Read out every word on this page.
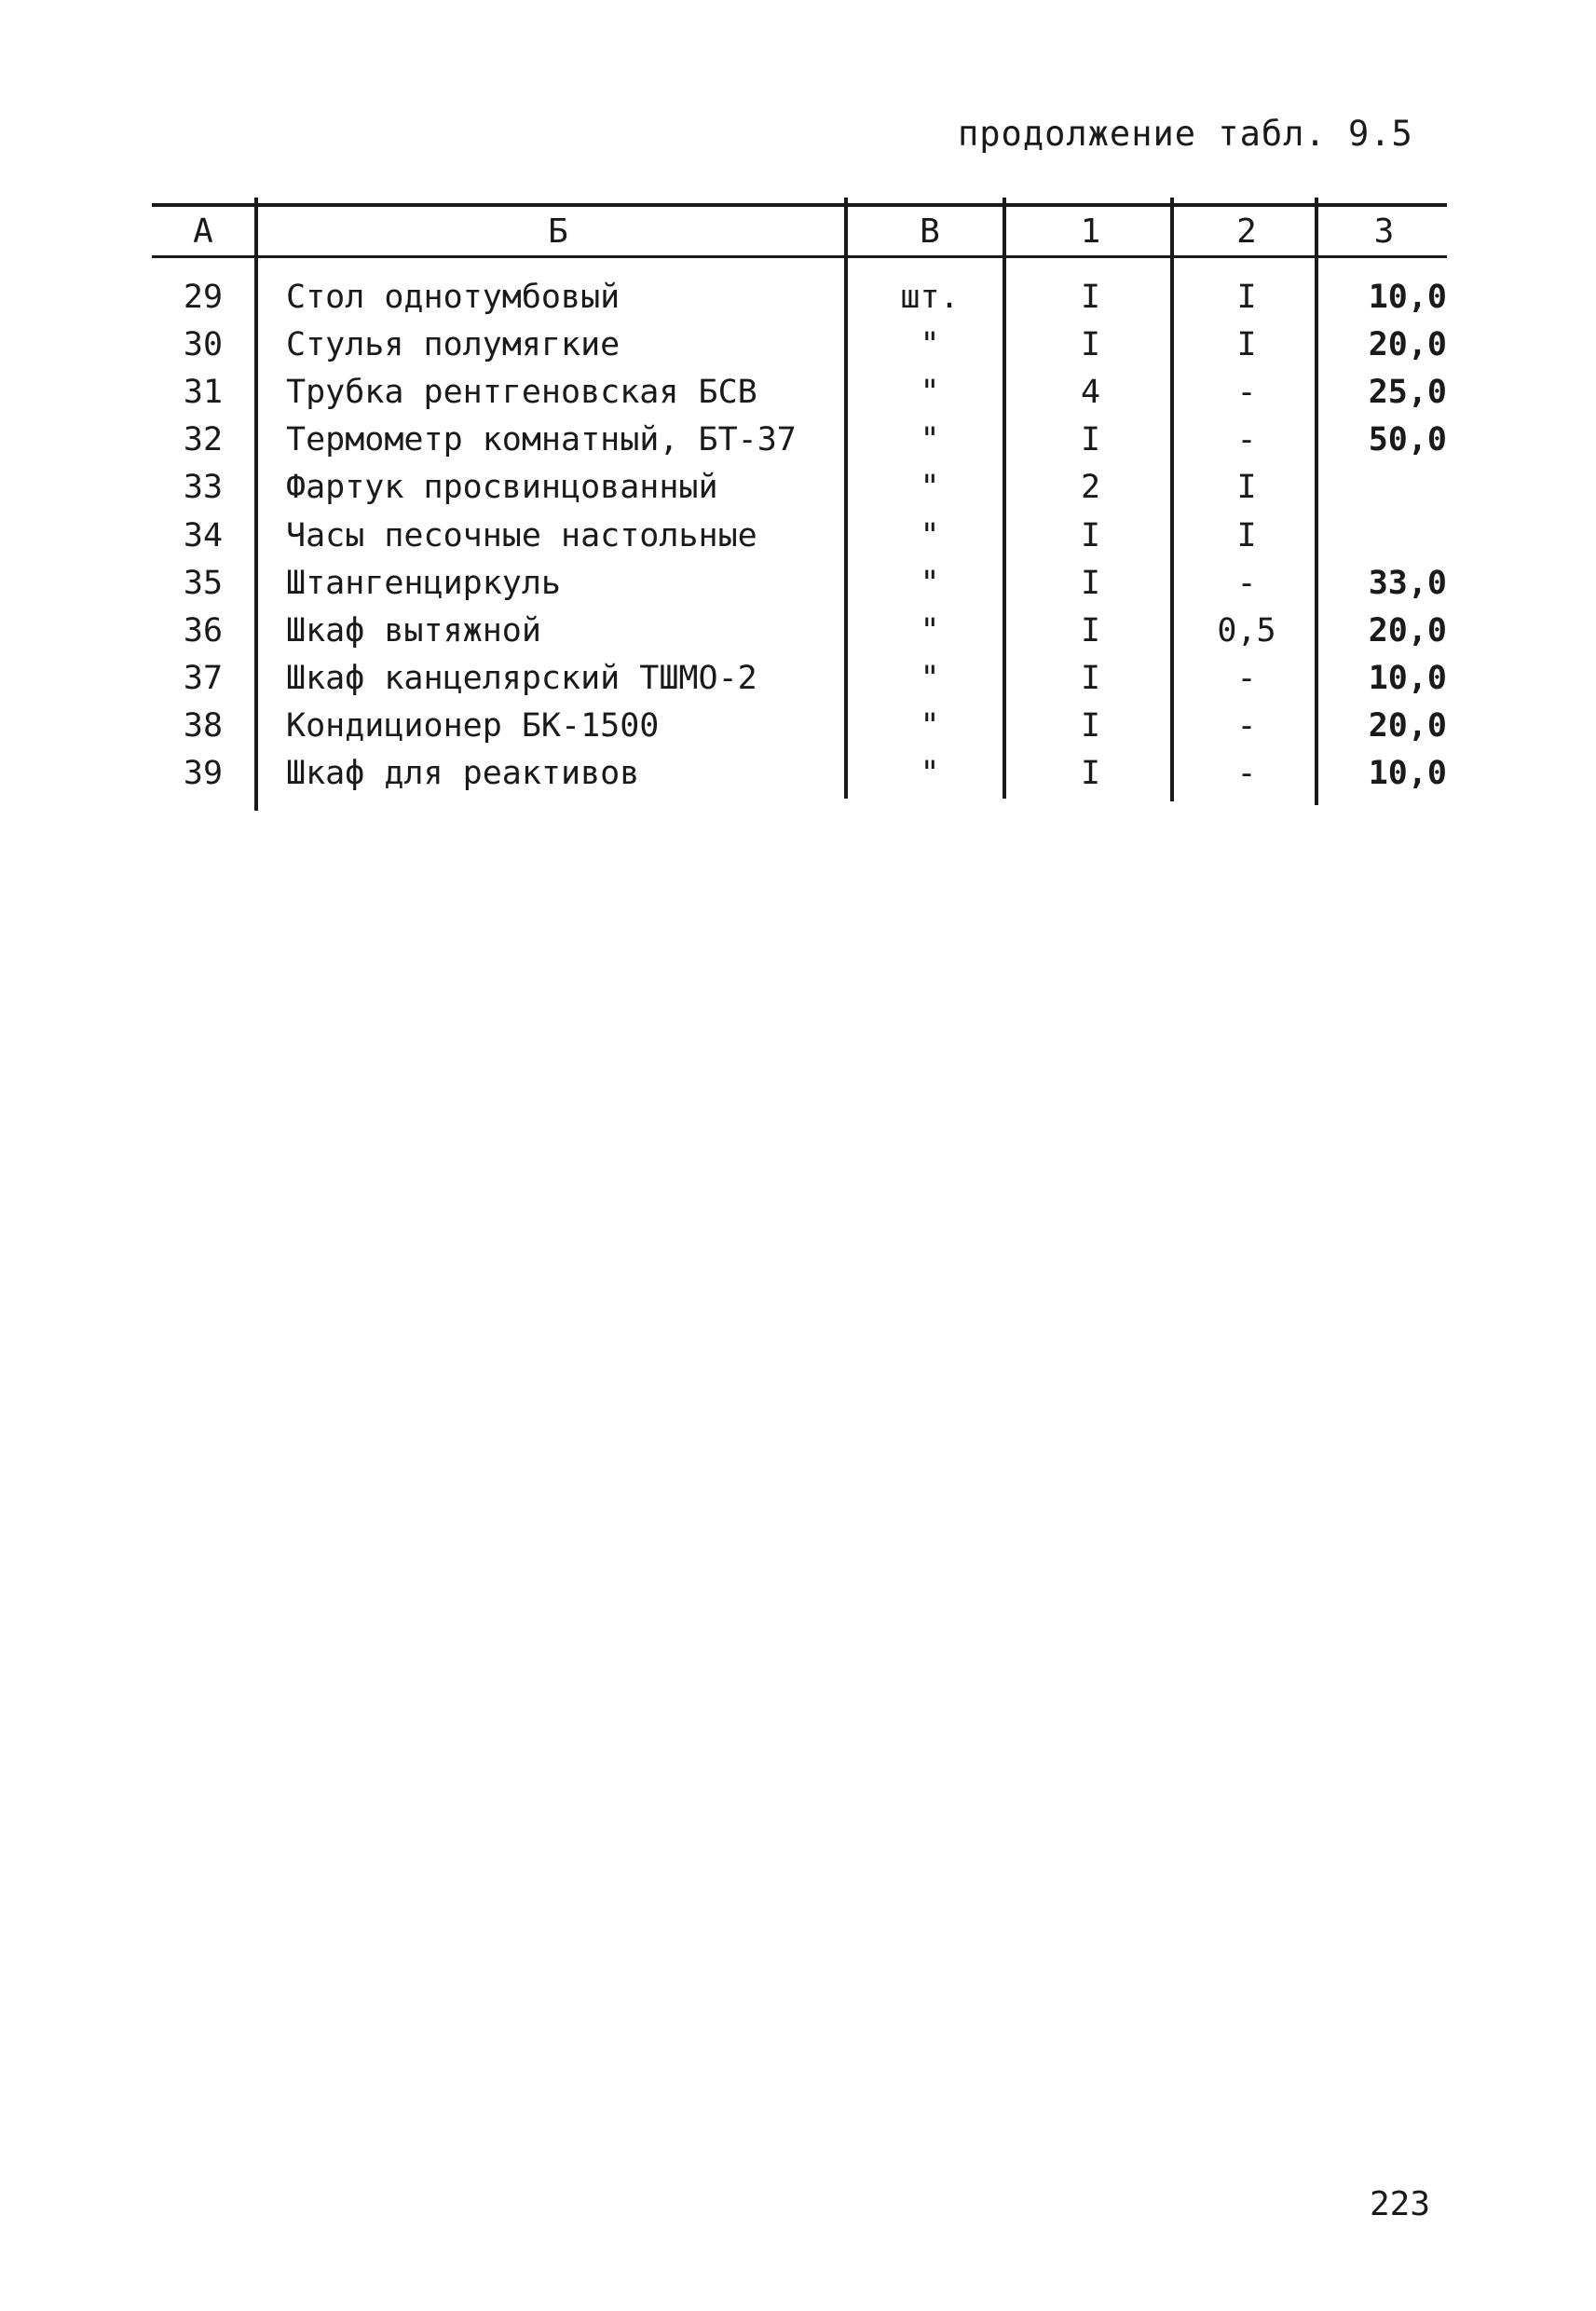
продолжение табл. 9.5
А	Б	В	1	2	3
29	Стол однотумбовый	шт.	I	I	10,0
30	Стулья полумягкие	"	I	I	20,0
31	Трубка рентгеновская БСВ	"	4	-	25,0
32	Термометр комнатный, БТ-37	"	I	-	50,0
33	Фартук просвинцованный	"	2	I
34	Часы песочные настольные	"	I	I
35	Штангенциркуль	"	I	-	33,0
36	Шкаф вытяжной	"	I	0,5	20,0
37	Шкаф канцелярский ТШМО-2	"	I	-	10,0
38	Кондиционер БК-1500	"	I	-	20,0
39	Шкаф для реактивов	"	I	-	10,0
223
